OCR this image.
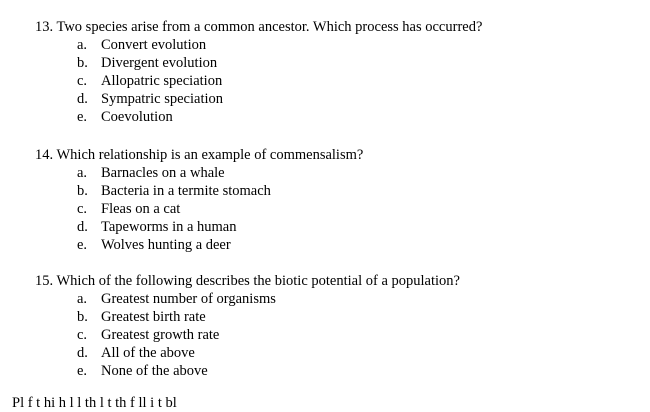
13. Two species arise from a common ancestor. Which process has occurred?
a. Convert evolution
b. Divergent evolution
c. Allopatric speciation
d. Sympatric speciation
e. Coevolution
14. Which relationship is an example of commensalism?
a. Barnacles on a whale
b. Bacteria in a termite stomach
c. Fleas on a cat
d. Tapeworms in a human
e. Wolves hunting a deer
15. Which of the following describes the biotic potential of a population?
a. Greatest number of organisms
b. Greatest birth rate
c. Greatest growth rate
d. All of the above
e. None of the above
Pl f t hi h l l th l t th f ll i t bl
